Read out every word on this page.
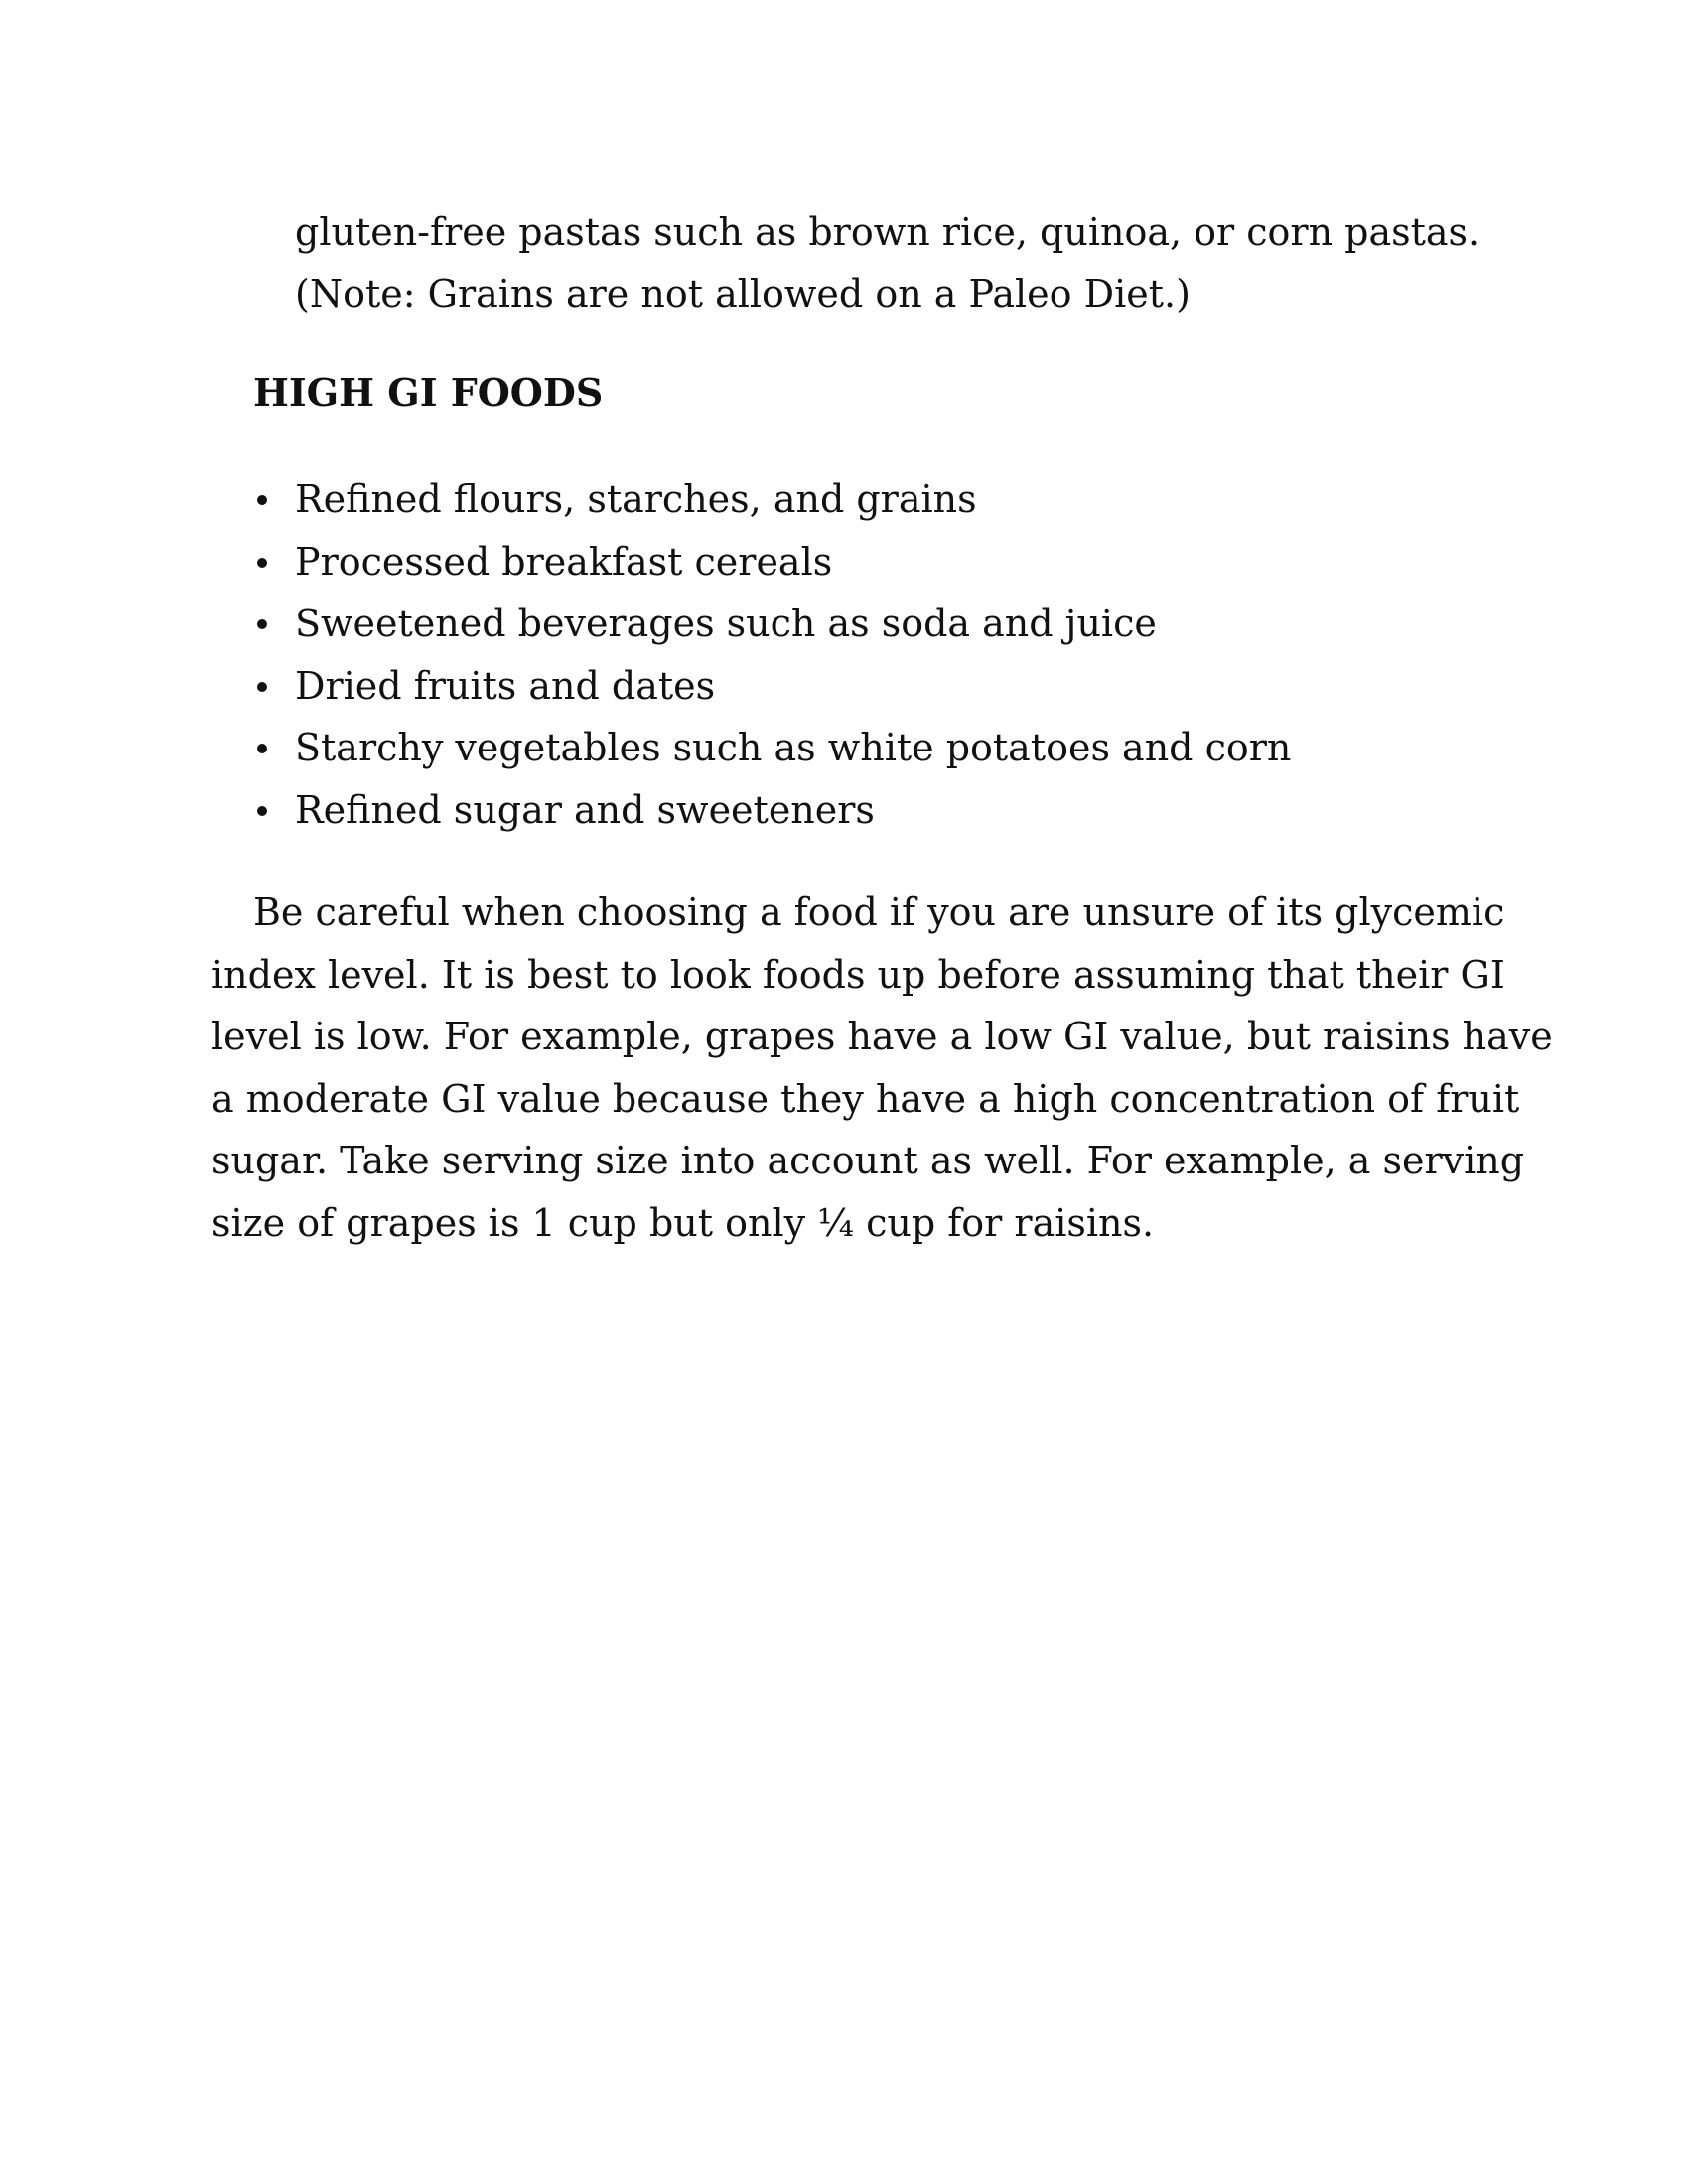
gluten-free pastas such as brown rice, quinoa, or corn pastas.
(Note: Grains are not allowed on a Paleo Diet.)

HIGH GI FOODS
Refined flours, starches, and grains
Processed breakfast cereals
Sweetened beverages such as soda and juice
Dried fruits and dates
Starchy vegetables such as white potatoes and corn
Refined sugar and sweeteners

Be careful when choosing a food if you are unsure of its glycemic
index level. It is best to look foods up before assuming that their GI
level is low. For example, grapes have a low GI value, but raisins have
a moderate GI value because they have a high concentration of fruit
sugar. Take serving size into account as well. For example, a serving
size of grapes is 1 cup but only ¼ cup for raisins.
